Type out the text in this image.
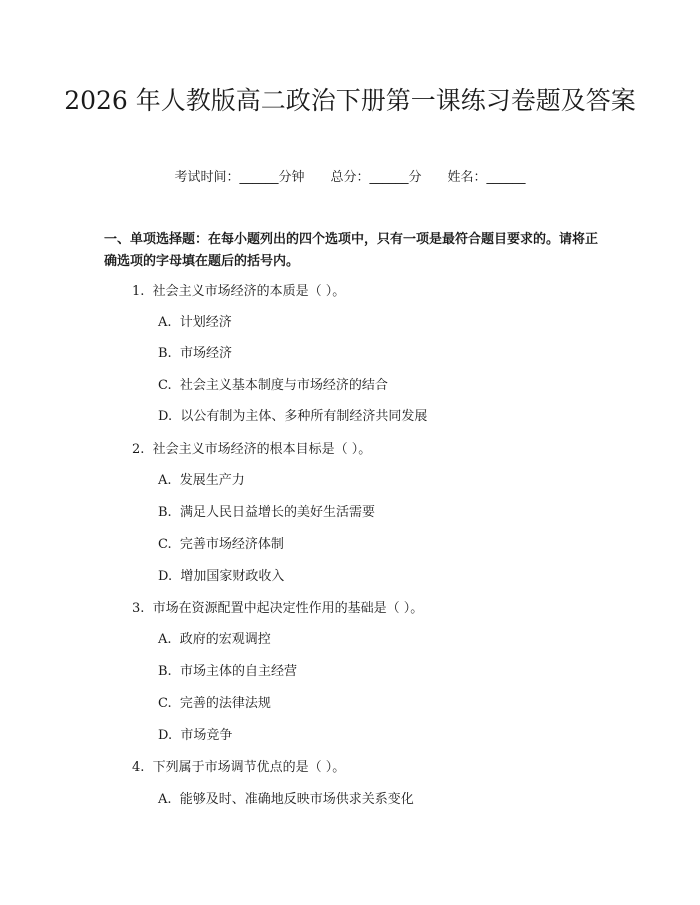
2026 年人教版高二政治下册第一课练习卷题及答案
考试时间：______分钟 总分：______分 姓名：______
一、单项选择题：在每小题列出的四个选项中，只有一项是最符合题目要求的。请将正确选项的字母填在题后的括号内。
1. 社会主义市场经济的本质是（ ）。
A. 计划经济
B. 市场经济
C. 社会主义基本制度与市场经济的结合
D. 以公有制为主体、多种所有制经济共同发展
2. 社会主义市场经济的根本目标是（ ）。
A. 发展生产力
B. 满足人民日益增长的美好生活需要
C. 完善市场经济体制
D. 增加国家财政收入
3. 市场在资源配置中起决定性作用的基础是（ ）。
A. 政府的宏观调控
B. 市场主体的自主经营
C. 完善的法律法规
D. 市场竞争
4. 下列属于市场调节优点的是（ ）。
A. 能够及时、准确地反映市场供求关系变化
